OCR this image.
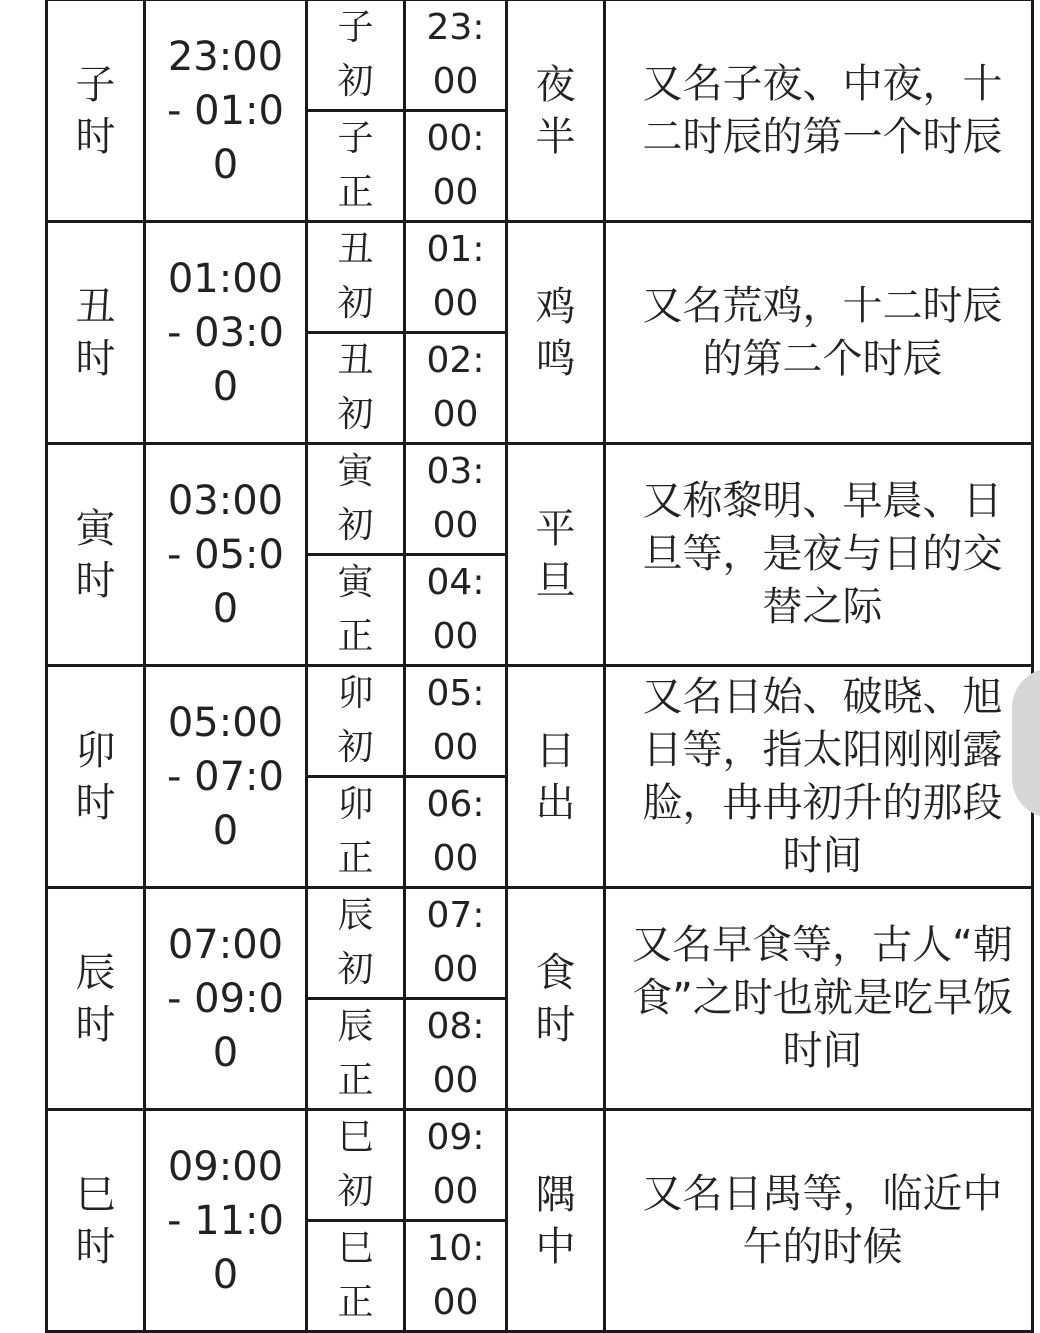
子时	23:00 - 01:00	子初	23:00	夜半	又名子夜、中夜，十二时辰的第一个时辰

		子正	00:00		
丑时	01:00 - 03:00	丑初	01:00	鸡鸣	又名荒鸡，十二时辰的第二个时辰

		丑初	02:00		
寅时	03:00 - 05:00	寅初	03:00	平旦	又称黎明、早晨、日旦等，是夜与日的交替之际

		寅正	04:00		
卯时	05:00 - 07:00	卯初	05:00	日出	又名日始、破晓、旭日等，指太阳刚刚露脸，冉冉初升的那段时间

		卯正	06:00		
辰时	07:00 - 09:00	辰初	07:00	食时	又名早食等，古人“朝食”之时也就是吃早饭时间

		辰正	08:00		
巳时	09:00 - 11:00	巳初	09:00	隅中	又名日禺等，临近中午的时候

		巳正	10:00		
